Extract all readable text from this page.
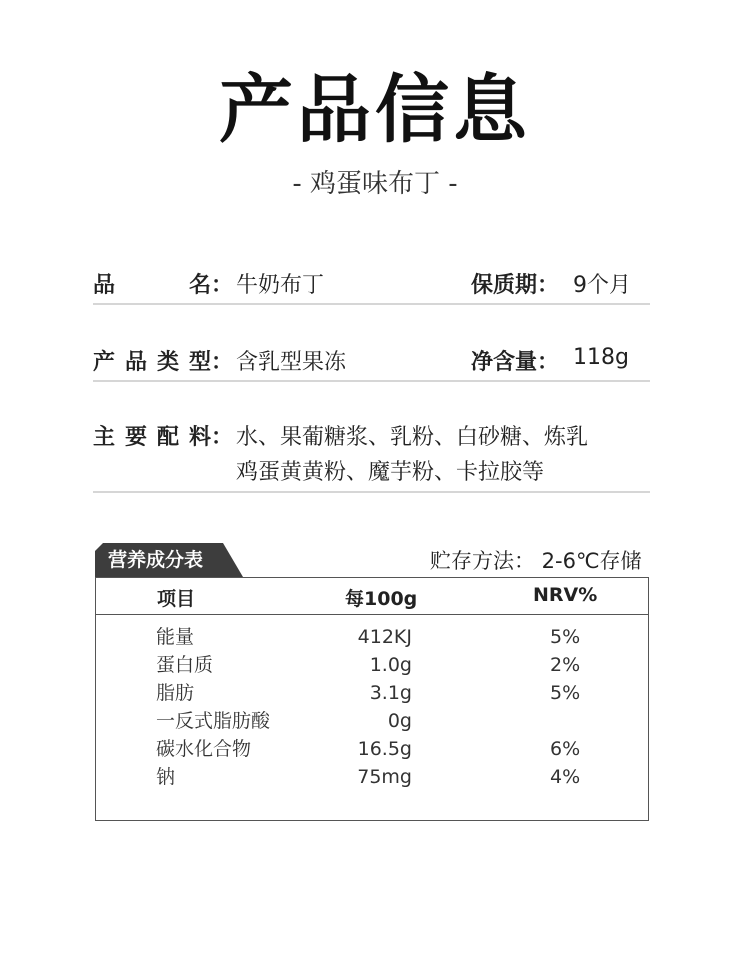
产品信息
- 鸡蛋味布丁 -
品　　名： 牛奶布丁	保质期： 9个月
产品类型： 含乳型果冻	净含量： 118g
主要配料： 水、果葡糖浆、乳粉、白砂糖、炼乳
鸡蛋黄黄粉、魔芋粉、卡拉胶等
营养成分表	贮存方法： 2-6℃存储
项目	每100g	NRV%
能量	412KJ	5%
蛋白质	1.0g	2%
脂肪	3.1g	5%
一反式脂肪酸	0g
碳水化合物	16.5g	6%
钠	75mg	4%
